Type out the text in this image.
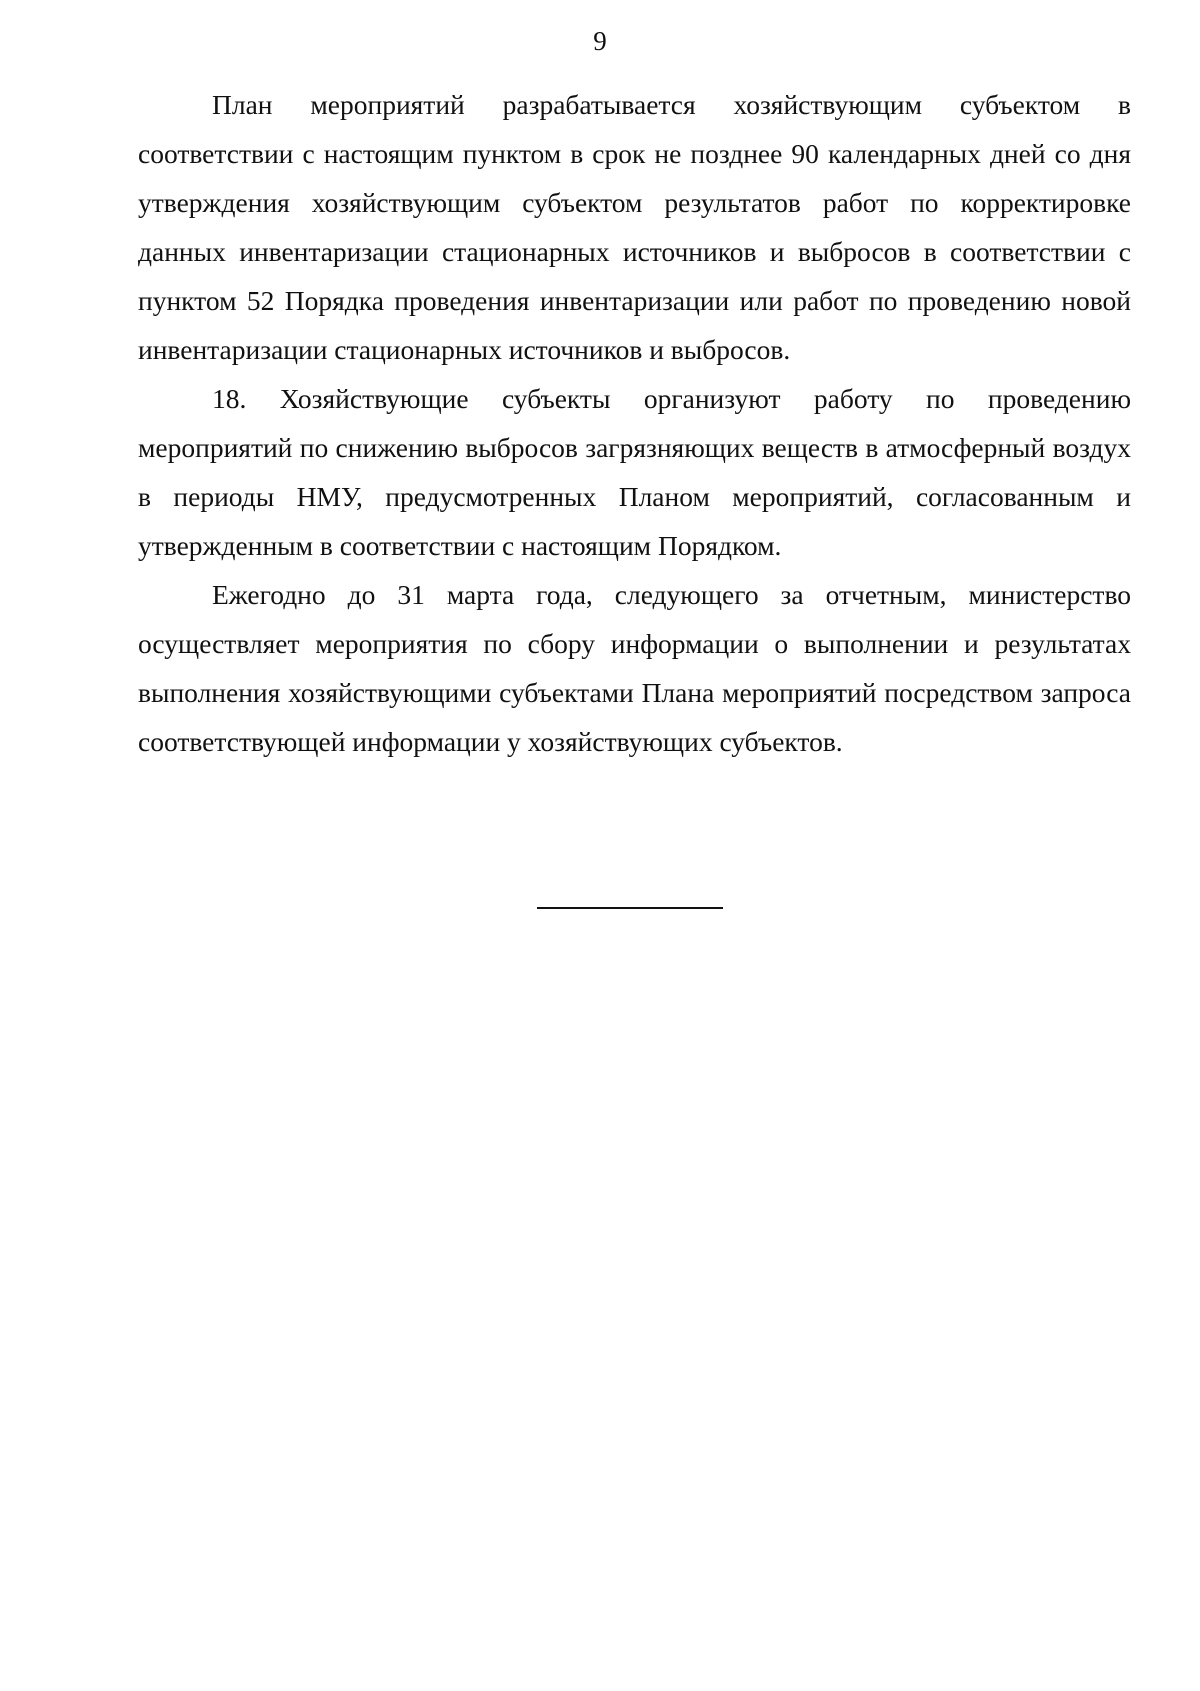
9

План мероприятий разрабатывается хозяйствующим субъектом в соответствии с настоящим пунктом в срок не позднее 90 календарных дней со дня утверждения хозяйствующим субъектом результатов работ по корректировке данных инвентаризации стационарных источников и выбросов в соответствии с пунктом 52 Порядка проведения инвентаризации или работ по проведению новой инвентаризации стационарных источников и выбросов.

18. Хозяйствующие субъекты организуют работу по проведению мероприятий по снижению выбросов загрязняющих веществ в атмосферный воздух в периоды НМУ, предусмотренных Планом мероприятий, согласованным и утвержденным в соответствии с настоящим Порядком.

Ежегодно до 31 марта года, следующего за отчетным, министерство осуществляет мероприятия по сбору информации о выполнении и результатах выполнения хозяйствующими субъектами Плана мероприятий посредством запроса соответствующей информации у хозяйствующих субъектов.
